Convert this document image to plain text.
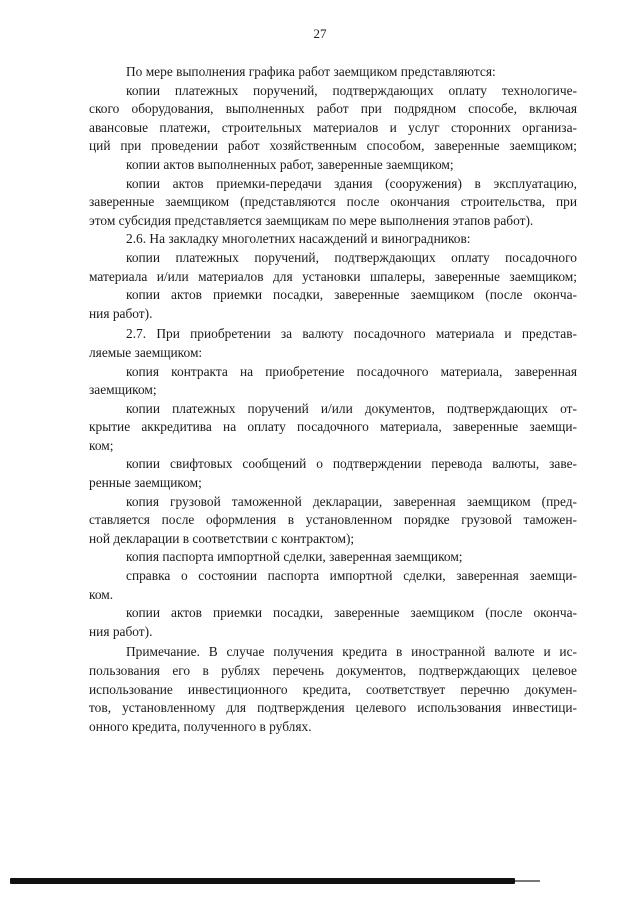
27
По мере выполнения графика работ заемщиком представляются:
копии платежных поручений, подтверждающих оплату технологиче-
ского оборудования, выполненных работ при подрядном способе, включая
авансовые платежи, строительных материалов и услуг сторонних организа-
ций при проведении работ хозяйственным способом, заверенные заемщиком;
копии актов выполненных работ, заверенные заемщиком;
копии актов приемки-передачи здания (сооружения) в эксплуатацию,
заверенные заемщиком (представляются после окончания строительства, при
этом субсидия представляется заемщикам по мере выполнения этапов работ).
2.6. На закладку многолетних насаждений и виноградников:
копии платежных поручений, подтверждающих оплату посадочного
материала и/или материалов для установки шпалеры, заверенные заемщиком;
копии актов приемки посадки, заверенные заемщиком (после оконча-
ния работ).
2.7. При приобретении за валюту посадочного материала и представ-
ляемые заемщиком:
копия контракта на приобретение посадочного материала, заверенная
заемщиком;
копии платежных поручений и/или документов, подтверждающих от-
крытие аккредитива на оплату посадочного материала, заверенные заемщи-
ком;
копии свифтовых сообщений о подтверждении перевода валюты, заве-
ренные заемщиком;
копия грузовой таможенной декларации, заверенная заемщиком (пред-
ставляется после оформления в установленном порядке грузовой таможен-
ной декларации в соответствии с контрактом);
копия паспорта импортной сделки, заверенная заемщиком;
справка о состоянии паспорта импортной сделки, заверенная заемщи-
ком.
копии актов приемки посадки, заверенные заемщиком (после оконча-
ния работ).
Примечание. В случае получения кредита в иностранной валюте и ис-
пользования его в рублях перечень документов, подтверждающих целевое
использование инвестиционного кредита, соответствует перечню докумен-
тов, установленному для подтверждения целевого использования инвестици-
онного кредита, полученного в рублях.
